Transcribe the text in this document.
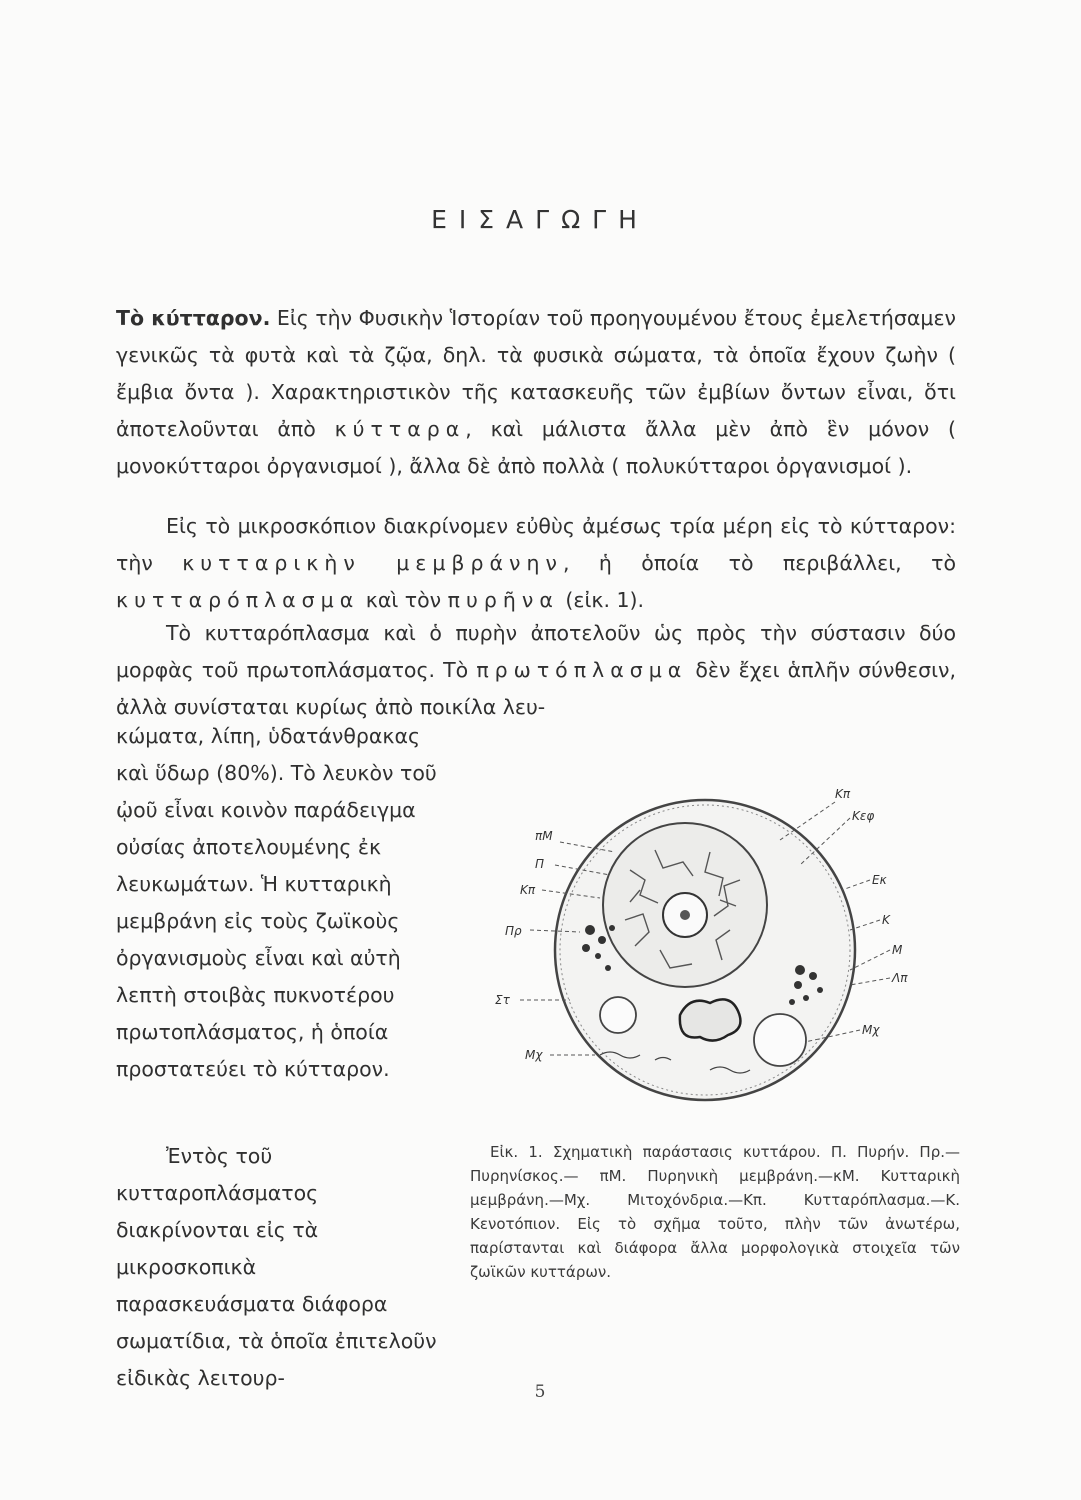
ΕΙΣΑΓΩΓΗ
Τὸ κύτταρον. Εἰς τὴν Φυσικὴν Ἱστορίαν τοῦ προηγουμένου ἔτους ἐμελετήσαμεν γενικῶς τὰ φυτὰ καὶ τὰ ζῷα, δηλ. τὰ φυσικὰ σώματα, τὰ ὁποῖα ἔχουν ζωὴν ( ἔμβια ὄντα ). Χαρακτηριστικὸν τῆς κατασκευῆς τῶν ἐμβίων ὄντων εἶναι, ὅτι ἀποτελοῦνται ἀπὸ κύτταρα, καὶ μάλιστα ἄλλα μὲν ἀπὸ ἓν μόνον ( μονοκύτταροι ὀργανισμοί ), ἄλλα δὲ ἀπὸ πολλὰ ( πολυκύτταροι ὀργανισμοί ).
Εἰς τὸ μικροσκόπιον διακρίνομεν εὐθὺς ἀμέσως τρία μέρη εἰς τὸ κύτταρον: τὴν κυτταρικὴν μεμβράνην, ἡ ὁποία τὸ περιβάλλει, τὸ κυτταρόπλασμα καὶ τὸν πυρῆνα (εἰκ. 1).
Τὸ κυτταρόπλασμα καὶ ὁ πυρὴν ἀποτελοῦν ὡς πρὸς τὴν σύστασιν δύο μορφὰς τοῦ πρωτοπλάσματος. Τὸ πρωτόπλασμα δὲν ἔχει ἁπλῆν σύνθεσιν, ἀλλὰ συνίσταται κυρίως ἀπὸ ποικίλα λευ-
κώματα, λίπη, ὑδατάνθρακας καὶ ὕδωρ (80%). Τὸ λευκὸν τοῦ ᾠοῦ εἶναι κοινὸν παράδειγμα οὐσίας ἀποτελουμένης ἐκ λευκωμάτων. Ἡ κυτταρικὴ μεμβράνη εἰς τοὺς ζωϊκοὺς ὀργανισμοὺς εἶναι καὶ αὐτὴ λεπτὴ στοιβὰς πυκνοτέρου πρωτοπλάσματος, ἡ ὁποία προστατεύει τὸ κύτταρον.
Ἐντὸς τοῦ κυτταροπλάσματος διακρίνονται εἰς τὰ μικροσκοπικὰ παρασκευάσματα διάφορα σωματίδια, τὰ ὁποῖα ἐπιτελοῦν εἰδικὰς λειτουρ-
Κπ
Κεφ
Εκ
Κ
Μ
Λπ
Μχ
πΜ
Π
Κπ
Πρ
Στ
Μχ
Εἰκ. 1. Σχηματικὴ παράστασις κυττάρου. Π. Πυρήν. Πρ.— Πυρηνίσκος.— πΜ. Πυρηνικὴ μεμβράνη.—κΜ. Κυτταρικὴ μεμβράνη.—Μχ. Μιτοχόνδρια.—Κπ. Κυτταρόπλασμα.—Κ. Κενοτόπιον. Εἰς τὸ σχῆμα τοῦτο, πλὴν τῶν ἀνωτέρω, παρίστανται καὶ διάφορα ἄλλα μορφολογικὰ στοιχεῖα τῶν ζωϊκῶν κυττάρων.
5
